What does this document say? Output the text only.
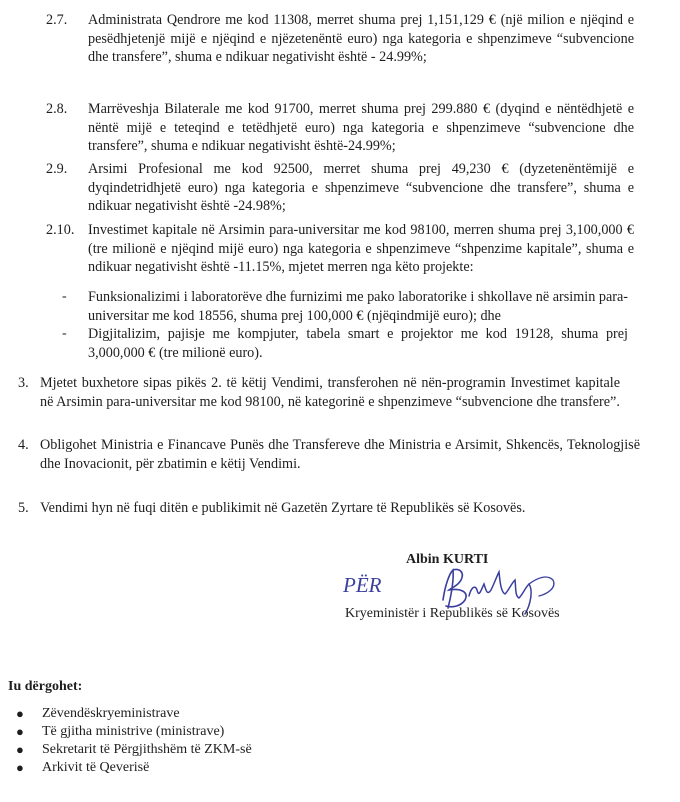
2.7. Administrata Qendrore me kod 11308, merret shuma prej 1,151,129 € (një milion e njëqind e pesëdhjetenjë mijë e njëqind e njëzetenëntë euro) nga kategoria e shpenzimeve “subvencione dhe transfere”, shuma e ndikuar negativisht është - 24.99%;
2.8. Marrëveshja Bilaterale me kod 91700, merret shuma prej 299.880 € (dyqind e nëntëdhjetë e nëntë mijë e teteqind e tetëdhjetë euro) nga kategoria e shpenzimeve “subvencione dhe transfere”, shuma e ndikuar negativisht është-24.99%;
2.9. Arsimi Profesional me kod 92500, merret shuma prej 49,230 € (dyzetenëntëmijë e dyqindetridhjetë euro) nga kategoria e shpenzimeve “subvencione dhe transfere”, shuma e ndikuar negativisht është -24.98%;
2.10. Investimet kapitale në Arsimin para-universitar me kod 98100, merren shuma prej 3,100,000 € (tre milionë e njëqind mijë euro) nga kategoria e shpenzimeve “shpenzime kapitale”, shuma e ndikuar negativisht është -11.15%, mjetet merren nga këto projekte:
- Funksionalizimi i laboratorëve dhe furnizimi me pako laboratorike i shkollave në arsimin para-universitar me kod 18556, shuma prej 100,000 € (njëqindmijë euro); dhe
- Digjitalizim, pajisje me kompjuter, tabela smart e projektor me kod 19128, shuma prej 3,000,000 € (tre milionë euro).
3. Mjetet buxhetore sipas pikës 2. të këtij Vendimi, transferohen në nën-programin Investimet kapitale në Arsimin para-universitar me kod 98100, në kategorinë e shpenzimeve “subvencione dhe transfere”.
4. Obligohet Ministria e Financave Punës dhe Transfereve dhe Ministria e Arsimit, Shkencës, Teknologjisë dhe Inovacionit, për zbatimin e këtij Vendimi.
5. Vendimi hyn në fuqi ditën e publikimit në Gazetën Zyrtare të Republikës së Kosovës.
Albin KURTI
PËR
Kryeministër i Republikës së Kosovës
Iu dërgohet:
● Zëvendëskryeministrave
● Të gjitha ministrive (ministrave)
● Sekretarit të Përgjithshëm të ZKM-së
● Arkivit të Qeverisë
